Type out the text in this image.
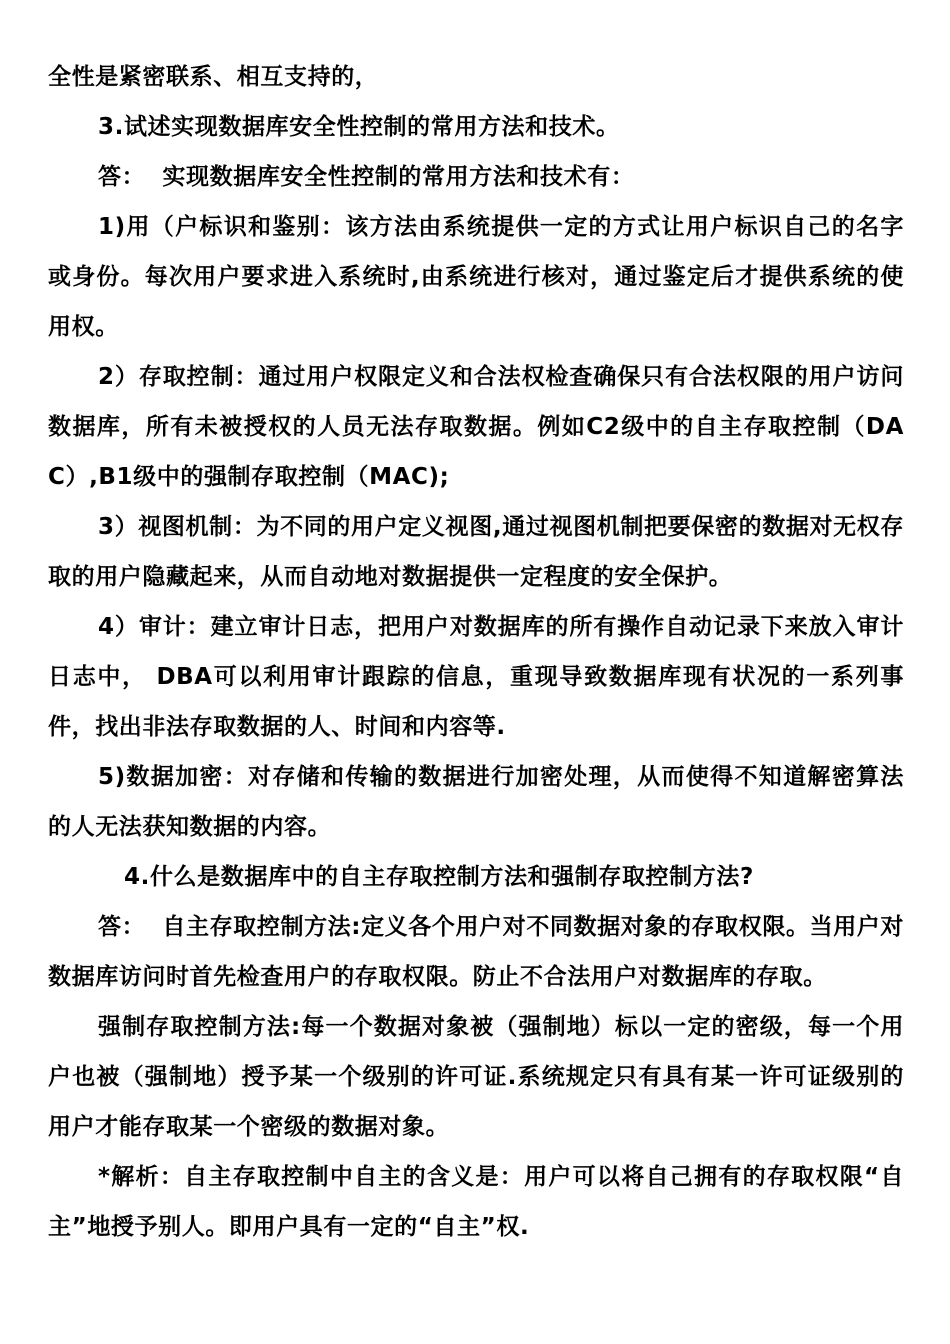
全性是紧密联系、相互支持的，

3.试述实现数据库安全性控制的常用方法和技术。

答：  实现数据库安全性控制的常用方法和技术有：

1)用（户标识和鉴别：该方法由系统提供一定的方式让用户标识自己的名字或身份。每次用户要求进入系统时,由系统进行核对，通过鉴定后才提供系统的使用权。

2）存取控制：通过用户权限定义和合法权检查确保只有合法权限的用户访问数据库，所有未被授权的人员无法存取数据。例如C2级中的自主存取控制（DAC）,B1级中的强制存取控制（MAC);

3）视图机制：为不同的用户定义视图,通过视图机制把要保密的数据对无权存取的用户隐藏起来，从而自动地对数据提供一定程度的安全保护。

4）审计：建立审计日志，把用户对数据库的所有操作自动记录下来放入审计日志中， DBA可以利用审计跟踪的信息，重现导致数据库现有状况的一系列事件，找出非法存取数据的人、时间和内容等.

5)数据加密：对存储和传输的数据进行加密处理，从而使得不知道解密算法的人无法获知数据的内容。

4.什么是数据库中的自主存取控制方法和强制存取控制方法?

答：  自主存取控制方法:定义各个用户对不同数据对象的存取权限。当用户对数据库访问时首先检查用户的存取权限。防止不合法用户对数据库的存取。

强制存取控制方法:每一个数据对象被（强制地）标以一定的密级，每一个用户也被（强制地）授予某一个级别的许可证.系统规定只有具有某一许可证级别的用户才能存取某一个密级的数据对象。

*解析：自主存取控制中自主的含义是：用户可以将自己拥有的存取权限“自主”地授予别人。即用户具有一定的“自主”权.
